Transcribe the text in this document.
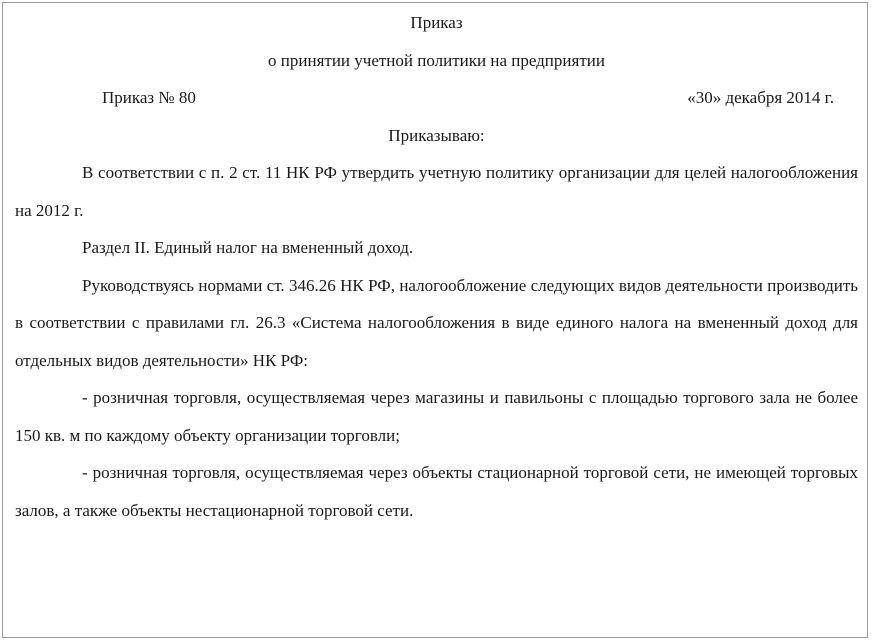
Приказ

о принятии учетной политики на предприятии

Приказ № 80	«30» декабря 2014 г.

Приказываю:

В соответствии с п. 2 ст. 11 НК РФ утвердить учетную политику организации для целей налогообложения на 2012 г.

Раздел II. Единый налог на вмененный доход.

Руководствуясь нормами ст. 346.26 НК РФ, налогообложение следующих видов деятельности производить в соответствии с правилами гл. 26.3 «Система налогообложения в виде единого налога на вмененный доход для отдельных видов деятельности» НК РФ:

- розничная торговля, осуществляемая через магазины и павильоны с площадью торгового зала не более 150 кв. м по каждому объекту организации торговли;

- розничная торговля, осуществляемая через объекты стационарной торговой сети, не имеющей торговых залов, а также объекты нестационарной торговой сети.
